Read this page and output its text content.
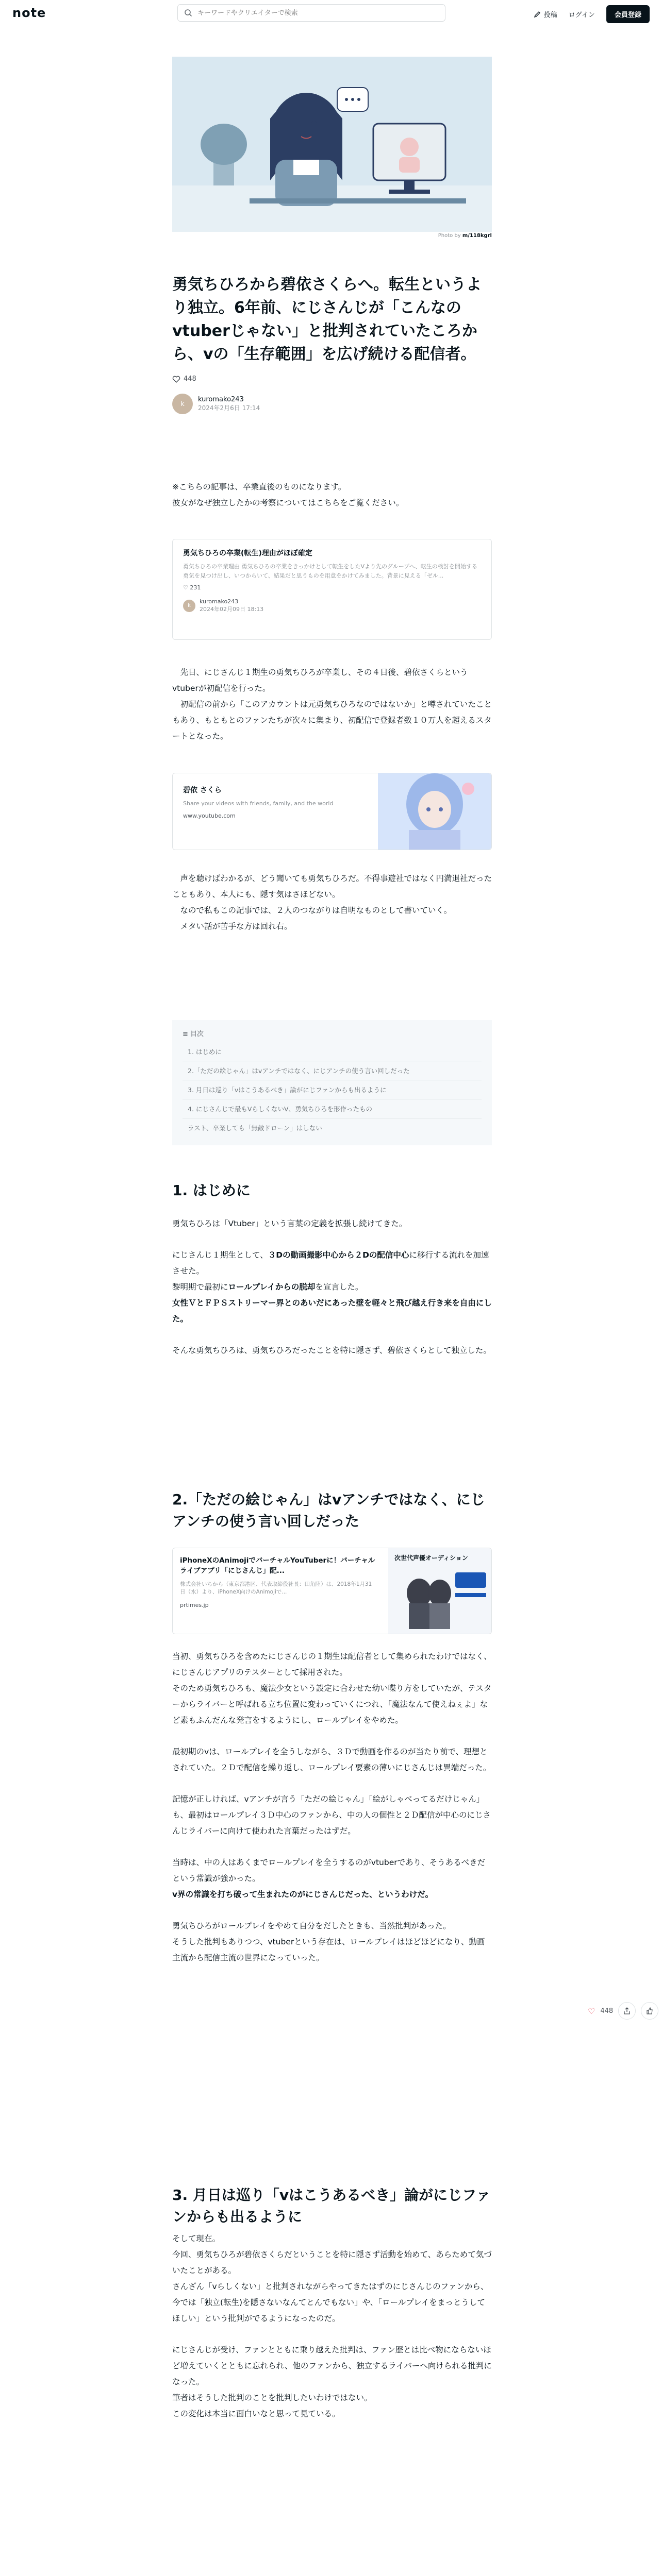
note
キーワードやクリエイターで検索	投稿 ログイン	会員登録
Photo by m/118kgrl
勇気ちひろから碧依さくらへ。転生というより独立。6年前、にじさんじが「こんなのvtuberじゃない」と批判されていたころから、vの「生存範囲」を広げ続ける配信者。
448
k
kuromako243
2024年2月6日 17:14

※こちらの記事は、卒業直後のものになります。

彼女がなぜ独立したかの考察についてはこちらをご覧ください。

勇気ちひろの卒業(転生)理由がほぼ確定
勇気ちひろの卒業理由 勇気ちひろの卒業をきっかけとして転生をしたVより先のグループへ、転生の検討を開始する勇気を見つけ出し、いつからいて、結果だと思うものを用意をかけてみました。背景に見える「ゼル...
♡ 231
k
kuromako243
2024年02月09日 18:13

　先日、にじさんじ１期生の勇気ちひろが卒業し、その４日後、碧依さくらというvtuberが初配信を行った。

　初配信の前から「このアカウントは元勇気ちひろなのではないか」と噂されていたこともあり、もともとのファンたちが次々に集まり、初配信で登録者数１０万人を超えるスタートとなった。

碧依 さくら
Share your videos with friends, family, and the world
www.youtube.com

　声を聴けばわかるが、どう聞いても勇気ちひろだ。不得事遊社ではなく円満退社だったこともあり、本人にも、隠す気はさほどない。

　なので私もこの記事では、２人のつながりは自明なものとして書いていく。

　メタい話が苦手な方は回れ右。

≡ 目次
1. はじめに
2.「ただの絵じゃん」はvアンチではなく、にじアンチの使う言い回しだった
3. 月日は巡り「vはこうあるべき」論がにじファンからも出るように
4. にじさんじで最もVらしくないV、勇気ちひろを形作ったもの
ラスト、卒業しても「無敵ドローン」はしない
1. はじめに

勇気ちひろは「Vtuber」という言葉の定義を拡張し続けてきた。

にじさんじ１期生として、３Dの動画撮影中心から２Dの配信中心に移行する流れを加速させた。

黎明期で最初にロールプレイからの脱却を宣言した。

女性ＶとＦＰＳストリーマー界とのあいだにあった壁を軽々と飛び越え行き来を自由にした。

そんな勇気ちひろは、勇気ちひろだったことを特に隠さず、碧依さくらとして独立した。

2.「ただの絵じゃん」はvアンチではなく、にじアンチの使う言い回しだった
iPhoneXのAnimojiでバーチャルYouTuberに！バーチャルライブアプリ「にじさんじ」配...
株式会社いちから（東京都港区、代表取締役社長：田角陸）は、2018年1月31日（水）より、iPhoneX向けのAnimojiで...
prtimes.jp
次世代声優オーディション

当初、勇気ちひろを含めたにじさんじの１期生は配信者として集められたわけではなく、にじさんじアプリのテスターとして採用された。

そのため勇気ちひろも、魔法少女という設定に合わせた幼い喋り方をしていたが、テスターからライバーと呼ばれる立ち位置に変わっていくにつれ、「魔法なんて使えねぇよ」など素もふんだんな発言をするようにし、ロールプレイをやめた。

最初期のvは、ロールプレイを全うしながら、３Ｄで動画を作るのが当たり前で、理想とされていた。２Ｄで配信を繰り返し、ロールプレイ要素の薄いにじさんじは異端だった。

記憶が正しければ、vアンチが言う「ただの絵じゃん」「絵がしゃべってるだけじゃん」も、最初はロールプレイ３Ｄ中心のファンから、中の人の個性と２Ｄ配信が中心のにじさんじライバーに向けて使われた言葉だったはずだ。

当時は、中の人はあくまでロールプレイを全うするのがvtuberであり、そうあるべきだという常識が強かった。

v界の常識を打ち破って生まれたのがにじさんじだった、というわけだ。

勇気ちひろがロールプレイをやめて自分をだしたときも、当然批判があった。

そうした批判もありつつ、vtuberという存在は、ロールプレイはほどほどになり、動画主流から配信主流の世界になっていった。

♡ 448
3. 月日は巡り「vはこうあるべき」論がにじファンからも出るように

そして現在。

今回、勇気ちひろが碧依さくらだということを特に隠さず活動を始めて、あらためて気づいたことがある。

さんざん「vらしくない」と批判されながらやってきたはずのにじさんじのファンから、今では「独立(転生)を隠さないなんてとんでもない」や、「ロールプレイをまっとうしてほしい」という批判がでるようになったのだ。

にじさんじが受け、ファンとともに乗り越えた批判は、ファン歴とは比べ物にならないほど増えていくとともに忘れられ、他のファンから、独立するライバーへ向けられる批判になった。

筆者はそうした批判のことを批判したいわけではない。

この変化は本当に面白いなと思って見ている。
